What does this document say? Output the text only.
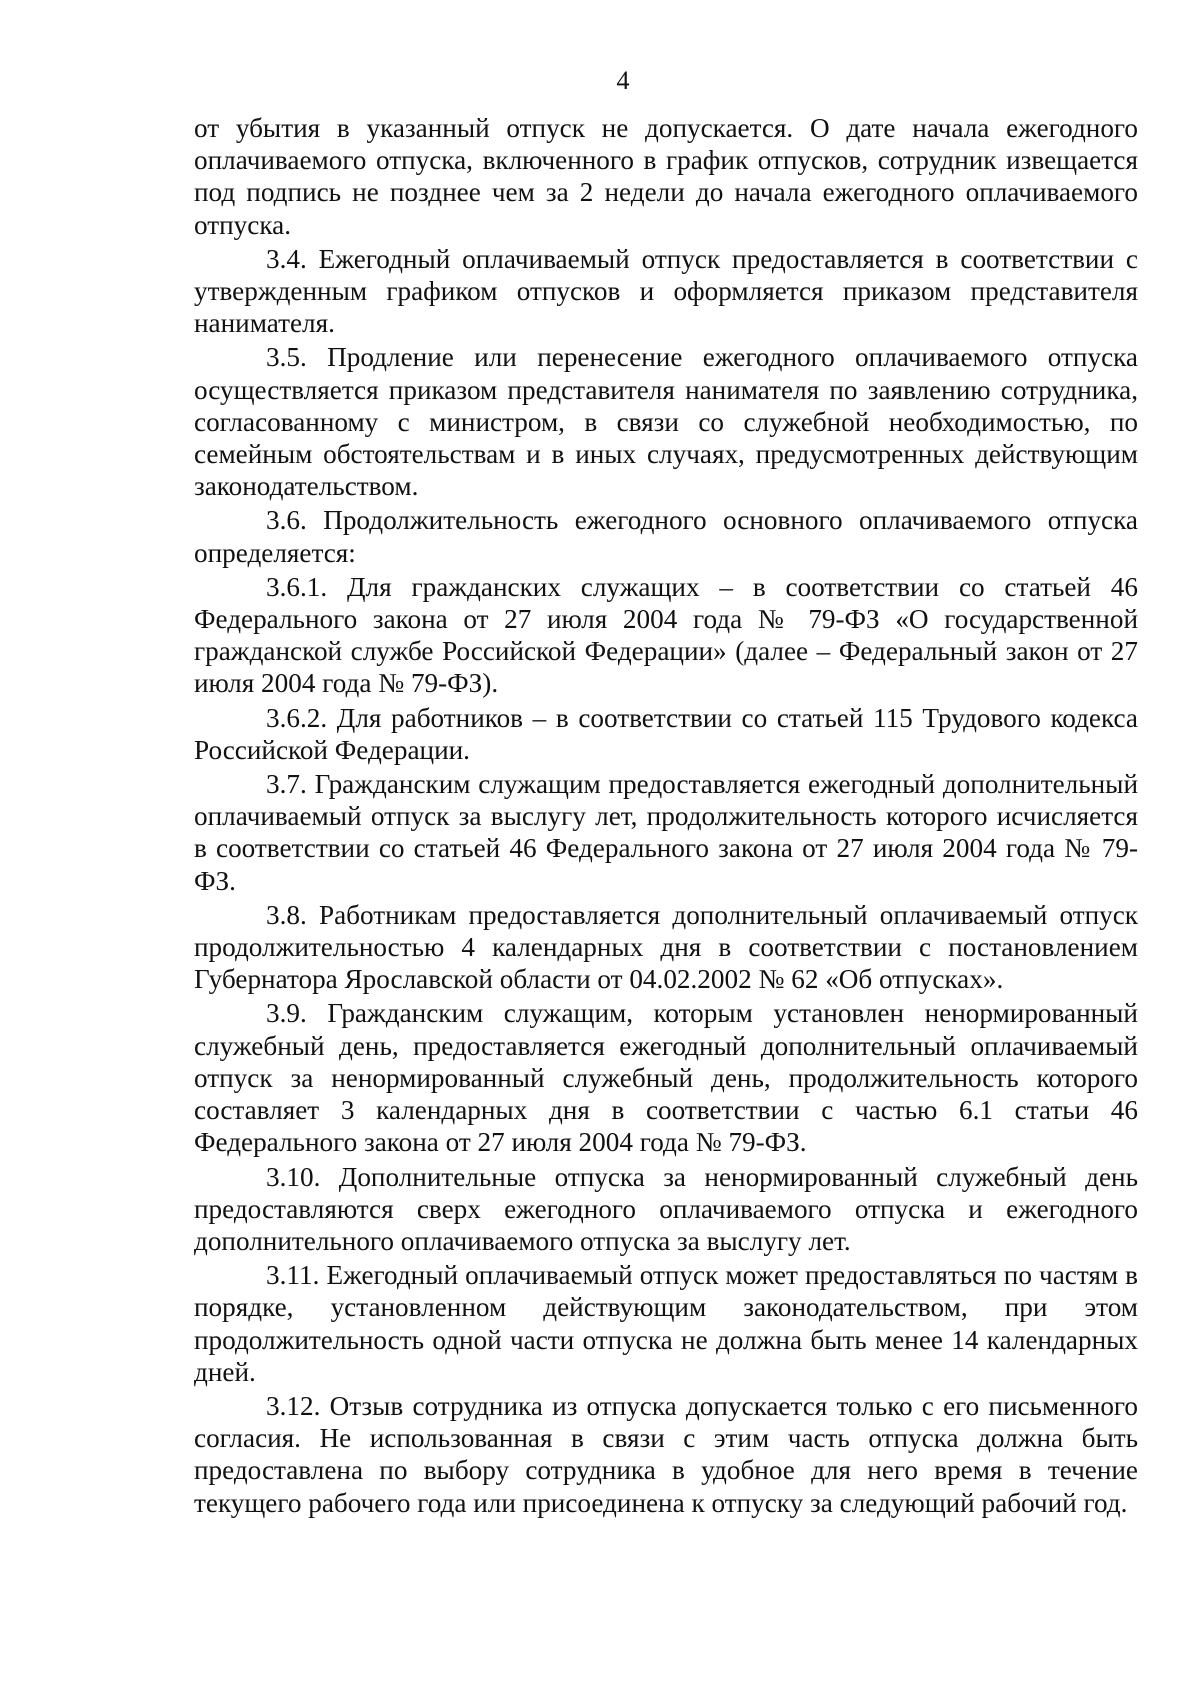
4

от убытия в указанный отпуск не допускается. О дате начала ежегодного оплачиваемого отпуска, включенного в график отпусков, сотрудник извещается под подпись не позднее чем за 2 недели до начала ежегодного оплачиваемого отпуска.

3.4. Ежегодный оплачиваемый отпуск предоставляется в соответствии с утвержденным графиком отпусков и оформляется приказом представителя нанимателя.

3.5. Продление или перенесение ежегодного оплачиваемого отпуска осуществляется приказом представителя нанимателя по заявлению сотрудника, согласованному с министром, в связи со служебной необходимостью, по семейным обстоятельствам и в иных случаях, предусмотренных действующим законодательством.

3.6. Продолжительность ежегодного основного оплачиваемого отпуска определяется:

3.6.1. Для гражданских служащих – в соответствии со статьей 46 Федерального закона от 27 июля 2004 года № 79-ФЗ «О государственной гражданской службе Российской Федерации» (далее – Федеральный закон от 27 июля 2004 года № 79-ФЗ).

3.6.2. Для работников – в соответствии со статьей 115 Трудового кодекса Российской Федерации.

3.7. Гражданским служащим предоставляется ежегодный дополнительный оплачиваемый отпуск за выслугу лет, продолжительность которого исчисляется в соответствии со статьей 46 Федерального закона от 27 июля 2004 года № 79-ФЗ.

3.8. Работникам предоставляется дополнительный оплачиваемый отпуск продолжительностью 4 календарных дня в соответствии с постановлением Губернатора Ярославской области от 04.02.2002 № 62 «Об отпусках».

3.9. Гражданским служащим, которым установлен ненормированный служебный день, предоставляется ежегодный дополнительный оплачиваемый отпуск за ненормированный служебный день, продолжительность которого составляет 3 календарных дня в соответствии с частью 6.1 статьи 46 Федерального закона от 27 июля 2004 года № 79-ФЗ.

3.10. Дополнительные отпуска за ненормированный служебный день предоставляются сверх ежегодного оплачиваемого отпуска и ежегодного дополнительного оплачиваемого отпуска за выслугу лет.

3.11. Ежегодный оплачиваемый отпуск может предоставляться по частям в порядке, установленном действующим законодательством, при этом продолжительность одной части отпуска не должна быть менее 14 календарных дней.

3.12. Отзыв сотрудника из отпуска допускается только с его письменного согласия. Не использованная в связи с этим часть отпуска должна быть предоставлена по выбору сотрудника в удобное для него время в течение текущего рабочего года или присоединена к отпуску за следующий рабочий год.
